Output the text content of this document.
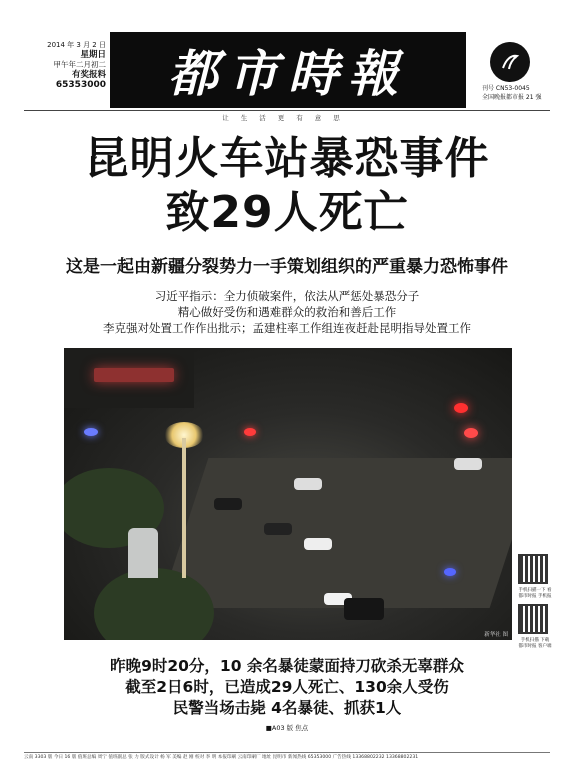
2014 年 3 月 2 日
星期日
甲午年二月初二
有奖报料
65353000 都市時報	刊号 CN53-0045
全国晚报都市报 21 强
让生活更有意思
昆明火车站暴恐事件
致29人死亡
这是一起由新疆分裂势力一手策划组织的严重暴力恐怖事件
习近平指示：全力侦破案件，依法从严惩处暴恐分子
精心做好受伤和遇难群众的救治和善后工作
李克强对处置工作作出批示；孟建柱率工作组连夜赶赴昆明指导处置工作
新华社 图
手机扫描一下 看都市时报 手机报
手机扫描 下载 都市时报 客户端
昨晚9时20分，10 余名暴徒蒙面持刀砍杀无辜群众
截至2日6时，已造成29人死亡、130余人受伤
民警当场击毙 4名暴徒、抓获1人
■A03 版 焦点
云南 3303 版 今日 16 版 值班总编 周宁 值班副总 张 力 版式设计 杨 军 美编 赵 刚 校对 李 明 本报印刷 云南印刷厂 地址 昆明市 新闻热线 65353000 广告热线 13368802232 13368802231
